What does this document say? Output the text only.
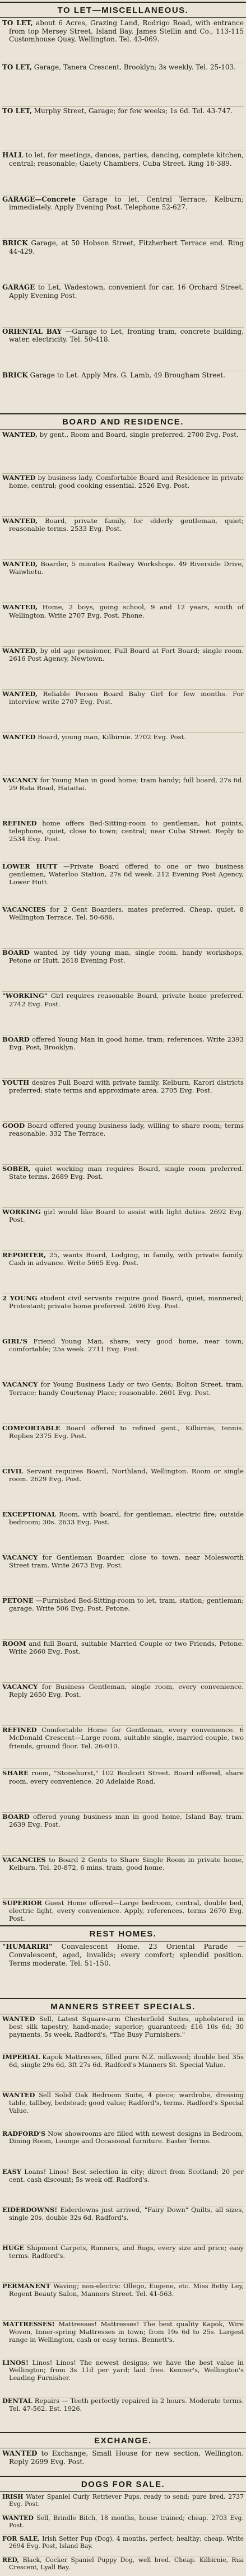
TO LET—MISCELLANEOUS.
TO LET, about 6 Acres, Grazing Land, Rodrigo Road, with entrance from top Mersey Street, Island Bay. James Stellin and Co., 113-115 Customhouse Quay, Wellington. Tel. 43-069.
TO LET, Garage, Tanera Crescent, Brooklyn; 3s weekly. Tel. 25-103.
TO LET, Murphy Street, Garage; for few weeks; 1s 6d. Tel. 43-747.
HALL to let, for meetings, dances, parties, dancing, complete kitchen, central; reasonable; Gaiety Chambers, Cuba Street. Ring 16-389.
GARAGE—Concrete Garage to let, Central Terrace, Kelburn; immediately. Apply Evening Post. Telephone 52-627.
BRICK Garage, at 50 Hobson Street, Fitzherbert Terrace end. Ring 44-429.
GARAGE to Let, Wadestown, convenient for car, 16 Orchard Street. Apply Evening Post.
ORIENTAL BAY —Garage to Let, fronting tram, concrete building, water, electricity. Tel. 50-418.
BRICK Garage to Let. Apply Mrs. G. Lamb, 49 Brougham Street.
BOARD AND RESIDENCE.
WANTED, by gent., Room and Board, single preferred. 2700 Evg. Post.
WANTED by business lady, Comfortable Board and Residence in private home, central; good cooking essential. 2526 Evg. Post.
WANTED, Board, private family, for elderly gentleman, quiet; reasonable terms. 2533 Evg. Post.
WANTED, Boarder, 5 minutes Railway Workshops. 49 Riverside Drive, Waiwhetu.
WANTED, Home, 2 boys, going school, 9 and 12 years, south of Wellington. Write 2707 Evg. Post. Phone.
WANTED, by old age pensioner, Full Board at Fort Board; single room. 2616 Post Agency, Newtown.
WANTED, Reliable Person Board Baby Girl for few months. For interview write 2707 Evg. Post.
WANTED Board, young man, Kilbirnie. 2702 Evg. Post.
VACANCY for Young Man in good home; tram handy; full board, 27s 6d. 29 Rata Road, Hataitai.
REFINED home offers Bed-Sitting-room to gentleman, hot points, telephone, quiet, close to town; central; near Cuba Street. Reply to 2534 Evg. Post.
LOWER HUTT —Private Board offered to one or two business gentlemen, Waterloo Station, 27s 6d week. 212 Evening Post Agency, Lower Hutt.
VACANCIES for 2 Gent Boarders, mates preferred. Cheap, quiet. 8 Wellington Terrace. Tel. 50-686.
BOARD wanted by tidy young man, single room, handy workshops, Petone or Hutt. 2618 Evening Post.
"WORKING" Girl requires reasonable Board, private home preferred. 2742 Evg. Post.
BOARD offered Young Man in good home, tram; references. Write 2393 Evg. Post, Brooklyn.
YOUTH desires Full Board with private family, Kelburn, Karori districts preferred; state terms and approximate area. 2705 Evg. Post.
GOOD Board offered young business lady, willing to share room; terms reasonable. 332 The Terrace.
SOBER, quiet working man requires Board, single room preferred. State terms. 2689 Evg. Post.
WORKING girl would like Board to assist with light duties. 2692 Evg. Post.
REPORTER, 25, wants Board, Lodging, in family, with private family. Cash in advance. Write 5665 Evg. Post.
2 YOUNG student civil servants require good Board, quiet, mannered; Protestant; private home preferred. 2696 Evg. Post.
GIRL'S Friend Young Man, share; very good home, near town; comfortable; 25s week. 2711 Evg. Post.
VACANCY for Young Business Lady or two Gents; Bolton Street, tram, Terrace; handy Courtenay Place; reasonable. 2601 Evg. Post.
COMFORTABLE Board offered to refined gent., Kilbirnie, tennis. Replies 2375 Evg. Post.
CIVIL Servant requires Board, Northland, Wellington. Room or single room. 2629 Evg. Post.
EXCEPTIONAL Room, with board, for gentleman, electric fire; outside bedroom; 30s. 2633 Evg. Post.
VACANCY for Gentleman Boarder, close to town, near Molesworth Street tram. Write 2673 Evg. Post.
PETONE —Furnished Bed-Sitting-room to let, tram, station; gentleman; garage. Write 506 Evg. Post, Petone.
ROOM and full Board, suitable Married Couple or two Friends, Petone. Write 2660 Evg. Post.
VACANCY for Business Gentleman, single room, every convenience. Reply 2650 Evg. Post.
REFINED Comfortable Home for Gentleman, every convenience. 6 McDonald Crescent—Large room, suitable single, married couple, two friends, ground floor. Tel. 26-010.
SHARE room, "Stonehurst," 102 Boulcott Street. Board offered, share room, every convenience. 20 Adelaide Road.
BOARD offered young business man in good home, Island Bay, tram. 2639 Evg. Post.
VACANCIES to Board 2 Gents to Share Single Room in private home, Kelburn. Tel. 20-872, 6 mins. tram, good home.
SUPERIOR Guest Home offered—Large bedroom, central, double bed, electric light, every convenience. Apply, references, terms 2670 Evg. Post.
REST HOMES.
"HUMARIRI" Convalescent Home, 23 Oriental Parade — Convalescent, aged, invalids; every comfort; splendid position. Terms moderate. Tel. 51-150.
MANNERS STREET SPECIALS.
WANTED Sell, Latest Square-arm Chesterfield Suites, upholstered in best silk tapestry, hand-made; superior; guaranteed; £16 10s 6d; 30 payments, 5s week. Radford's, "The Busy Furnishers."
IMPERIAL Kapok Mattresses, filled pure N.Z. milkweed; double bed 35s 6d, single 29s 6d, 3ft 27s 6d. Radford's Manners St. Special Value.
WANTED Sell Solid Oak Bedroom Suite, 4 piece; wardrobe, dressing table, tallboy, bedstead; good value; Radford's, terms. Radford's Special Value.
RADFORD'S Now showrooms are filled with newest designs in Bedroom, Dining Room, Lounge and Occasional furniture. Easter Terms.
EASY Loans! Linos! Best selection in city; direct from Scotland; 20 per cent. cash discount; 5s week off. Radford's.
EIDERDOWNS! Eiderdowns just arrived, "Fairy Down" Quilts, all sizes, single 20s, double 32s 6d. Radford's.
HUGE Shipment Carpets, Runners, and Rugs, every size and price; easy terms. Radford's.
PERMANENT Waving; non-electric Ollego, Eugene, etc. Miss Betty Ley, Regent Beauty Salon, Manners Street. Tel. 41-563.
MATTRESSES! Mattresses! Mattresses! The best quality Kapok, Wire Woven, Inner-spring Mattresses in town; from 19s 6d to 25s. Largest range in Wellington, cash or easy terms. Bennett's.
LINOS! Linos! Linos! The newest designs; we have the best value in Wellington; from 3s 11d per yard; laid free. Kenner's, Wellington's Leading Furnisher.
DENTAL Repairs — Teeth perfectly repaired in 2 hours. Moderate terms. Tel. 47-562. Est. 1926.
EXCHANGE.
WANTED to Exchange, Small House for new section, Wellington. Reply 2699 Evg. Post.
DOGS FOR SALE.
IRISH Water Spaniel Curly Retriever Pups, ready to send; pure bred. 2737 Evg. Post.
WANTED Sell, Brindle Bitch, 18 months, house trained; cheap. 2703 Evg. Post.
FOR SALE, Irish Setter Pup (Dog), 4 months, perfect; healthy; cheap. Write 2694 Evg. Post, Island Bay.
RED, Black, Cocker Spaniel Puppy Dog, well bred. Cheap. Kilbirnie, Rua Crescent, Lyall Bay.
